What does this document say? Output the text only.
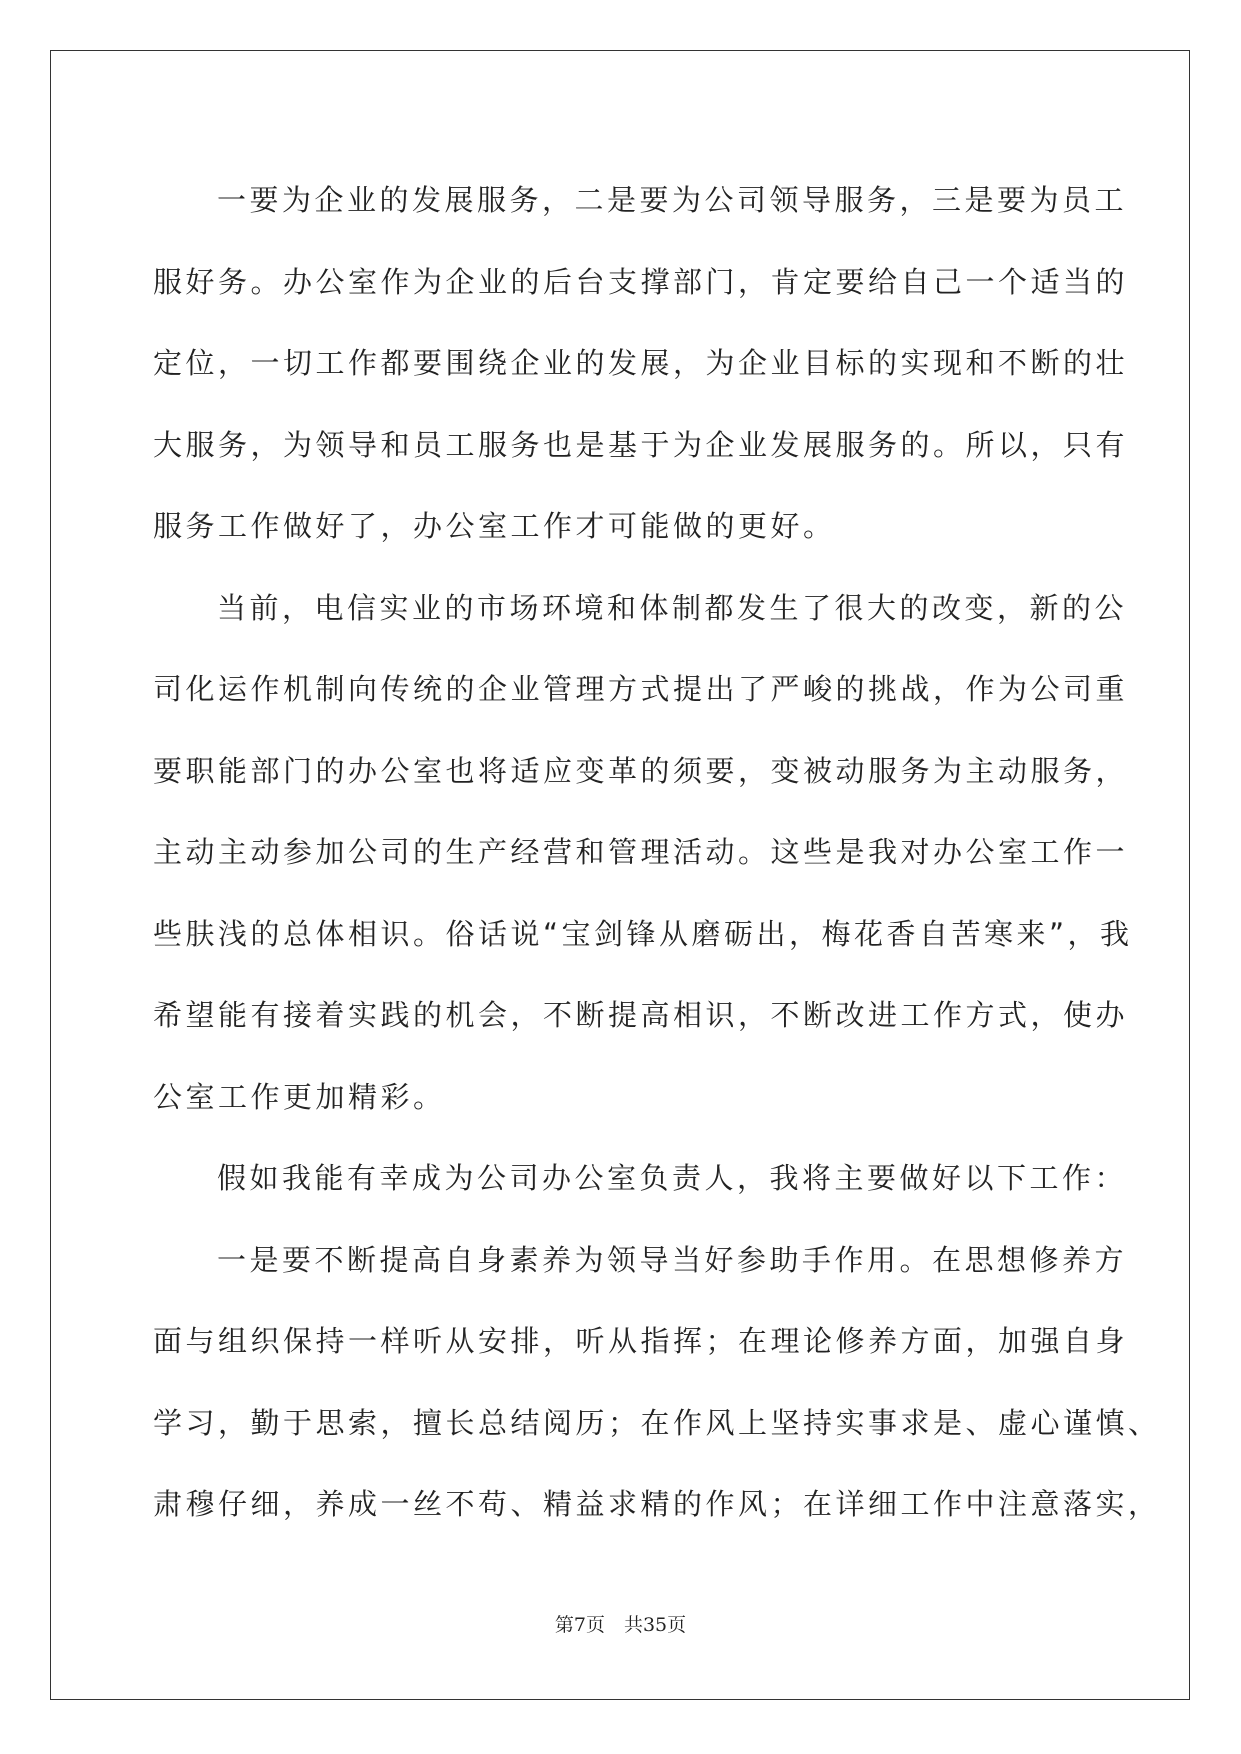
一要为企业的发展服务，二是要为公司领导服务，三是要为员工
服好务。办公室作为企业的后台支撑部门，肯定要给自己一个适当的
定位，一切工作都要围绕企业的发展，为企业目标的实现和不断的壮
大服务，为领导和员工服务也是基于为企业发展服务的。所以，只有
服务工作做好了，办公室工作才可能做的更好。
当前，电信实业的市场环境和体制都发生了很大的改变，新的公
司化运作机制向传统的企业管理方式提出了严峻的挑战，作为公司重
要职能部门的办公室也将适应变革的须要，变被动服务为主动服务，
主动主动参加公司的生产经营和管理活动。这些是我对办公室工作一
些肤浅的总体相识。俗话说“宝剑锋从磨砺出，梅花香自苦寒来”，我
希望能有接着实践的机会，不断提高相识，不断改进工作方式，使办
公室工作更加精彩。
假如我能有幸成为公司办公室负责人，我将主要做好以下工作：
一是要不断提高自身素养为领导当好参助手作用。在思想修养方
面与组织保持一样听从安排，听从指挥；在理论修养方面，加强自身
学习，勤于思索，擅长总结阅历；在作风上坚持实事求是、虚心谨慎、
肃穆仔细，养成一丝不苟、精益求精的作风；在详细工作中注意落实，
第7页　共35页
